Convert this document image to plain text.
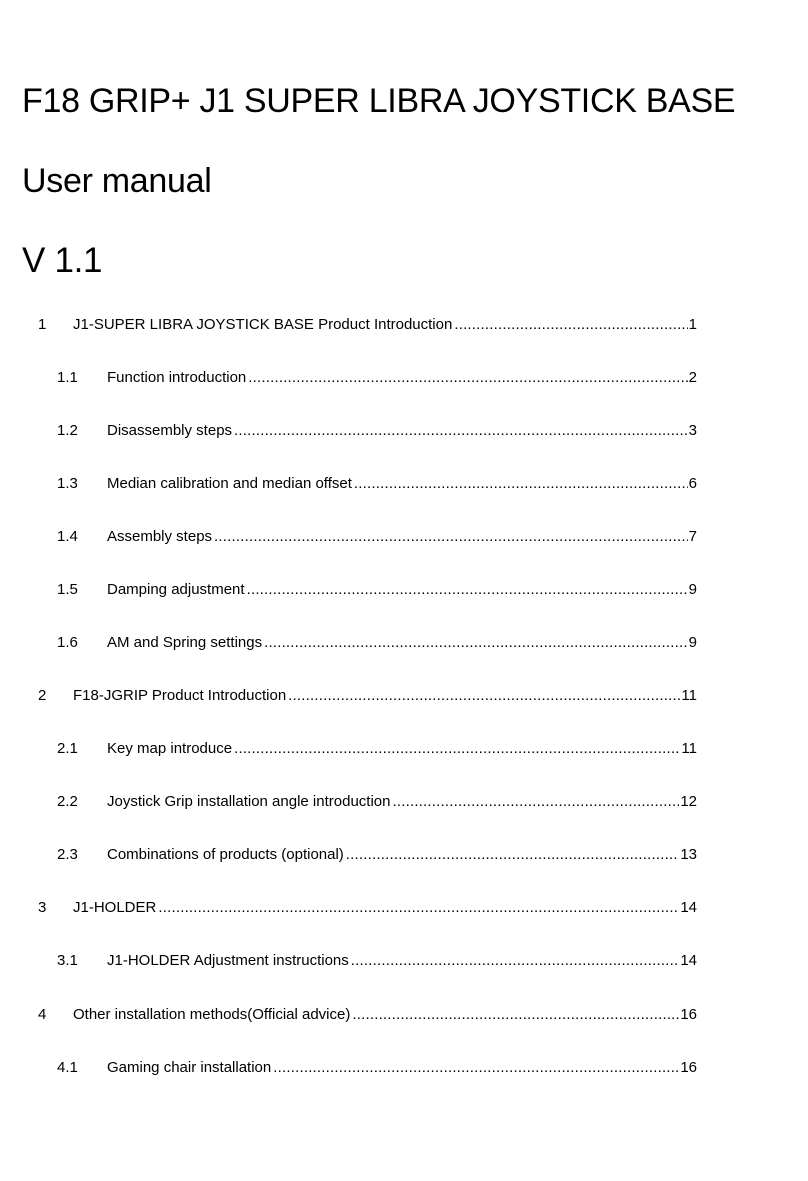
F18 GRIP+ J1 SUPER LIBRA JOYSTICK BASE
User manual
V 1.1
1	J1-SUPER LIBRA JOYSTICK BASE Product Introduction .....	1
1.1	Function introduction .....	2
1.2	Disassembly steps .....	3
1.3	Median calibration and median offset .....	6
1.4	Assembly steps .....	7
1.5	Damping adjustment .....	9
1.6	AM and Spring settings .....	9
2	F18-JGRIP Product Introduction .....	11
2.1	Key map introduce .....	11
2.2	Joystick Grip installation angle introduction .....	12
2.3	Combinations of products (optional) .....	13
3	J1-HOLDER .....	14
3.1	J1-HOLDER Adjustment instructions .....	14
4	Other installation methods(Official advice) .....	16
4.1	Gaming chair installation .....	16
